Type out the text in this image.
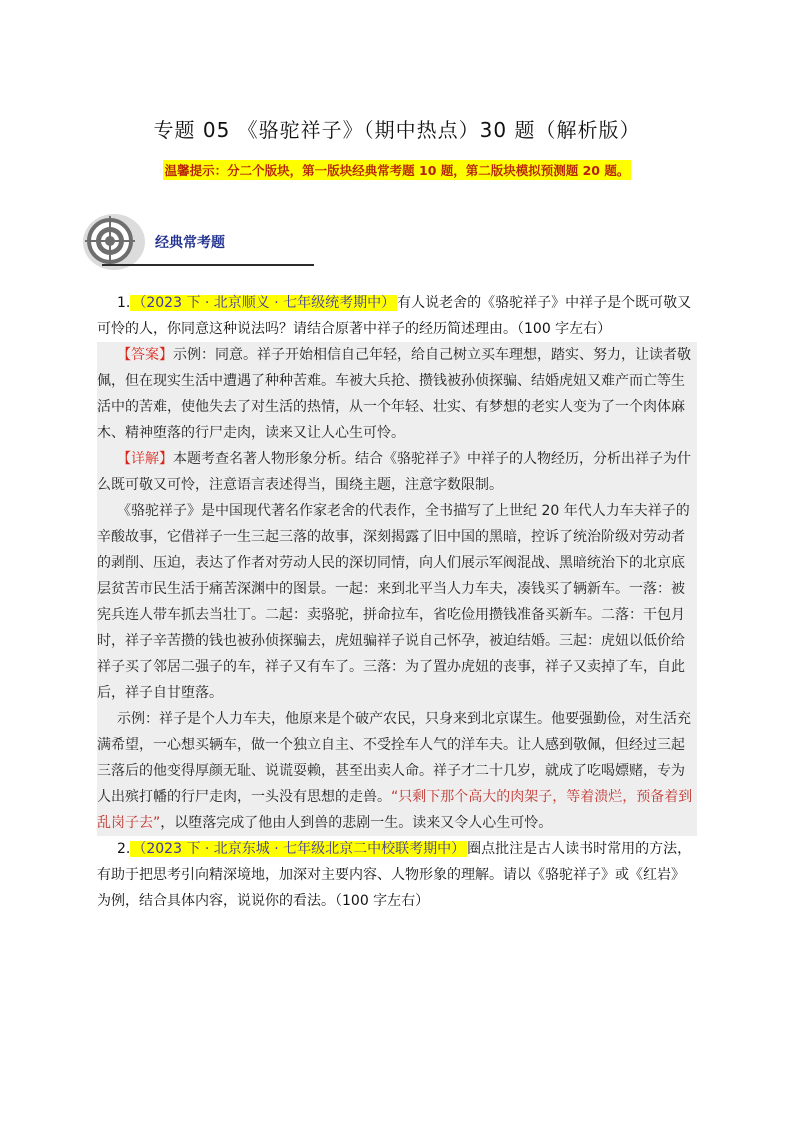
专题 05 《骆驼祥子》（期中热点）30 题（解析版）
温馨提示：分二个版块，第一版块经典常考题 10 题，第二版块模拟预测题 20 题。
经典常考题

1. （2023 下 · 北京顺义 · 七年级统考期中） 有人说老舍的《骆驼祥子》中祥子是个既可敬又可怜的人，你同意这种说法吗？请结合原著中祥子的经历简述理由。（100 字左右）

【答案】示例：同意。祥子开始相信自己年轻，给自己树立买车理想，踏实、努力，让读者敬佩，但在现实生活中遭遇了种种苦难。车被大兵抢、攒钱被孙侦探骗、结婚虎妞又难产而亡等生活中的苦难，使他失去了对生活的热情，从一个年轻、壮实、有梦想的老实人变为了一个肉体麻木、精神堕落的行尸走肉，读来又让人心生可怜。

【详解】本题考查名著人物形象分析。结合《骆驼祥子》中祥子的人物经历，分析出祥子为什么既可敬又可怜，注意语言表述得当，围绕主题，注意字数限制。

《骆驼祥子》是中国现代著名作家老舍的代表作，全书描写了上世纪 20 年代人力车夫祥子的辛酸故事，它借祥子一生三起三落的故事，深刻揭露了旧中国的黑暗，控诉了统治阶级对劳动者的剥削、压迫，表达了作者对劳动人民的深切同情，向人们展示军阀混战、黑暗统治下的北京底层贫苦市民生活于痛苦深渊中的图景。一起：来到北平当人力车夫，凑钱买了辆新车。一落：被宪兵连人带车抓去当壮丁。二起：卖骆驼，拼命拉车，省吃俭用攒钱准备买新车。二落：干包月时，祥子辛苦攒的钱也被孙侦探骗去，虎妞骗祥子说自己怀孕，被迫结婚。三起：虎妞以低价给祥子买了邻居二强子的车，祥子又有车了。三落：为了置办虎妞的丧事，祥子又卖掉了车，自此后，祥子自甘堕落。

示例：祥子是个人力车夫，他原来是个破产农民，只身来到北京谋生。他要强勤俭，对生活充满希望，一心想买辆车，做一个独立自主、不受拴车人气的洋车夫。让人感到敬佩，但经过三起三落后的他变得厚颜无耻、说谎耍赖，甚至出卖人命。祥子才二十几岁，就成了吃喝嫖赌，专为人出殡打幡的行尸走肉，一头没有思想的走兽。“只剩下那个高大的肉架子，等着溃烂，预备着到乱岗子去”，以堕落完成了他由人到兽的悲剧一生。读来又令人心生可怜。

2. （2023 下 · 北京东城 · 七年级北京二中校联考期中） 圈点批注是古人读书时常用的方法，有助于把思考引向精深境地，加深对主要内容、人物形象的理解。请以《骆驼祥子》或《红岩》为例，结合具体内容，说说你的看法。（100 字左右）
